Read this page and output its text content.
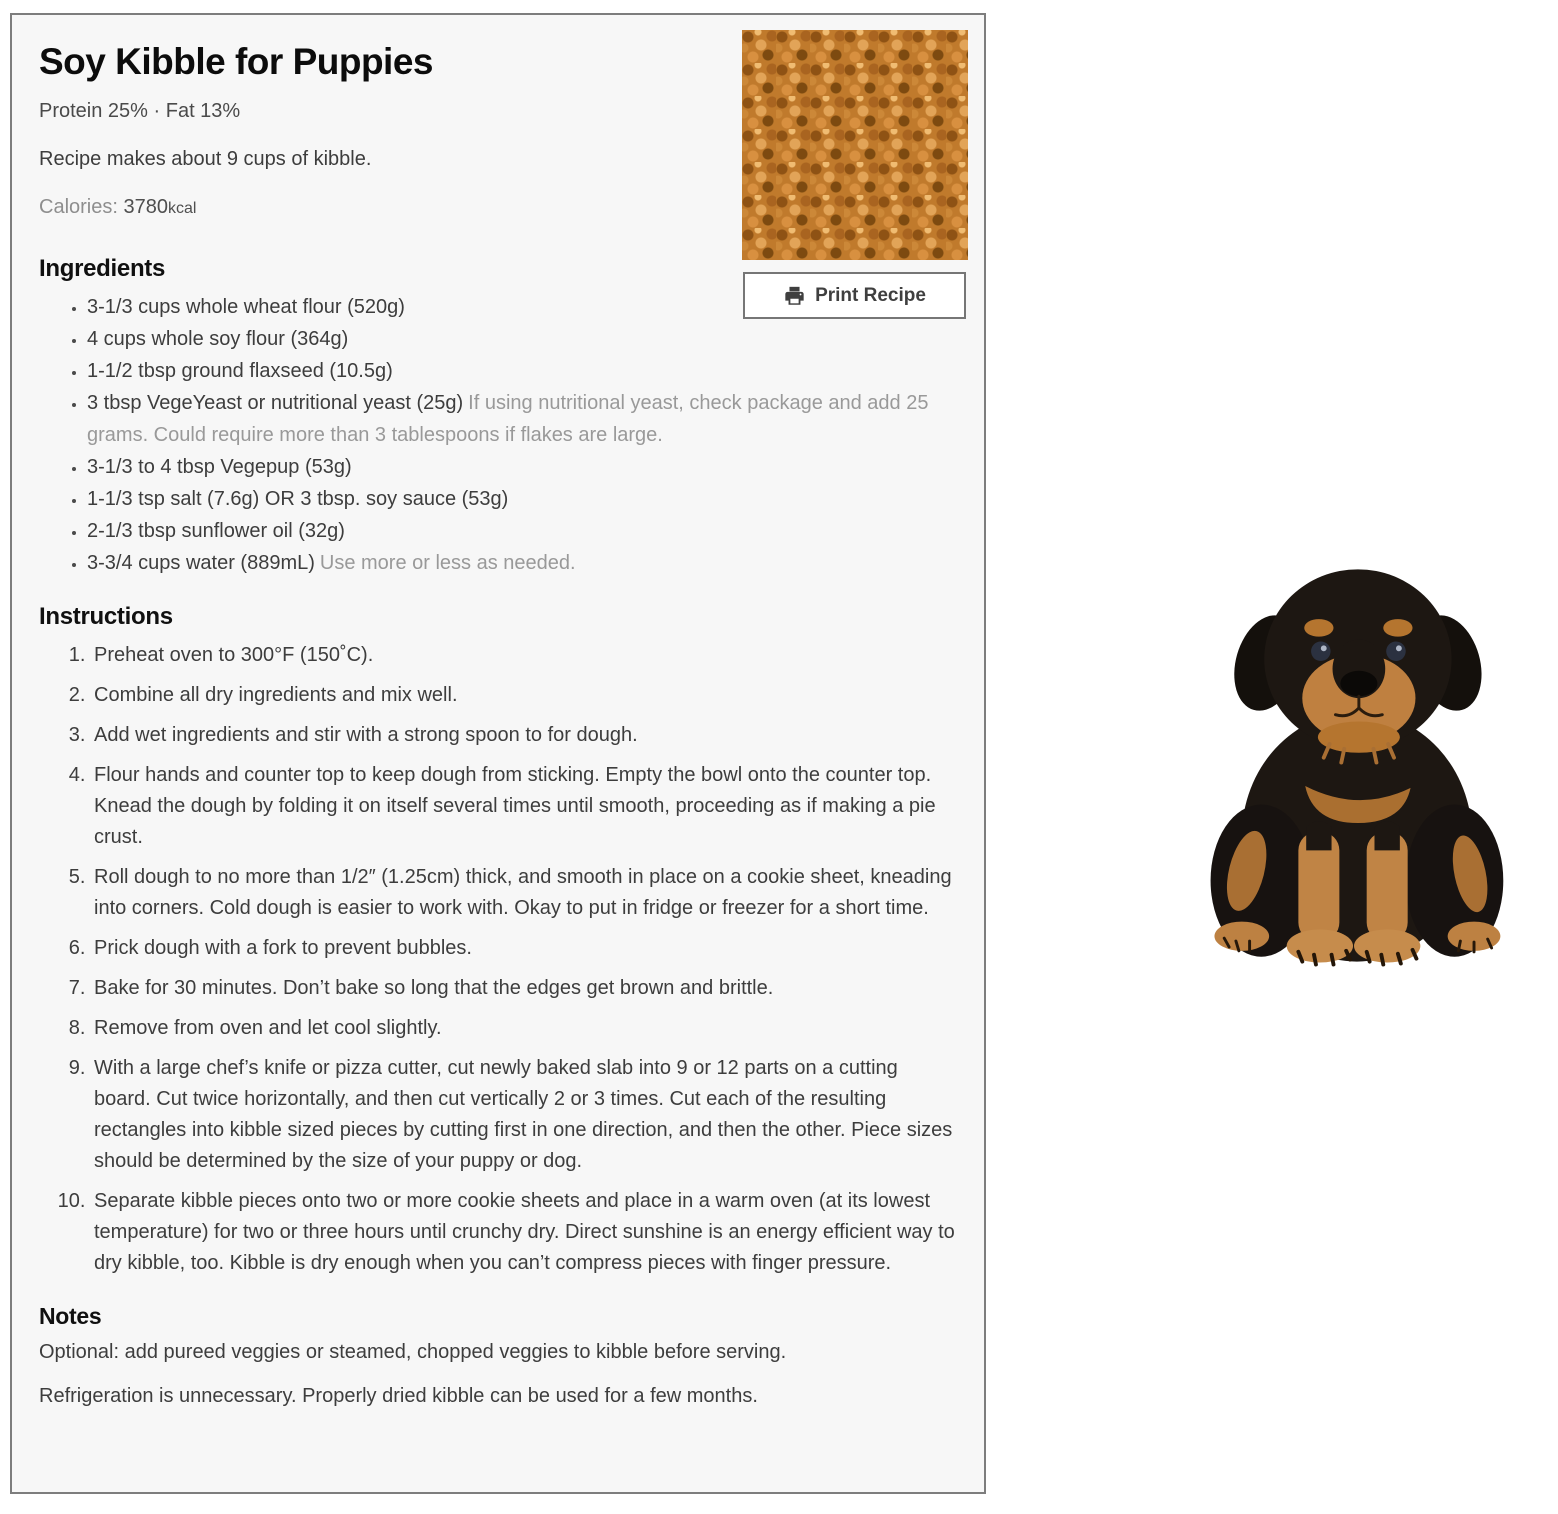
Soy Kibble for Puppies

Protein 25% · Fat 13%

Recipe makes about 9 cups of kibble.

Calories: 3780kcal

Ingredients
• 3-1/3 cups whole wheat flour (520g)
• 4 cups whole soy flour (364g)
• 1-1/2 tbsp ground flaxseed (10.5g)
• 3 tbsp VegeYeast or nutritional yeast (25g) If using nutritional yeast, check package and add 25 grams. Could require more than 3 tablespoons if flakes are large.
• 3-1/3 to 4 tbsp Vegepup (53g)
• 1-1/3 tsp salt (7.6g) OR 3 tbsp. soy sauce (53g)
• 2-1/3 tbsp sunflower oil (32g)
• 3-3/4 cups water (889mL) Use more or less as needed.
Instructions
1. Preheat oven to 300°F (150˚C).
2. Combine all dry ingredients and mix well.
3. Add wet ingredients and stir with a strong spoon to for dough.
4. Flour hands and counter top to keep dough from sticking. Empty the bowl onto the counter top. Knead the dough by folding it on itself several times until smooth, proceeding as if making a pie crust.
5. Roll dough to no more than 1/2″ (1.25cm) thick, and smooth in place on a cookie sheet, kneading into corners. Cold dough is easier to work with. Okay to put in fridge or freezer for a short time.
6. Prick dough with a fork to prevent bubbles.
7. Bake for 30 minutes. Don’t bake so long that the edges get brown and brittle.
8. Remove from oven and let cool slightly.
9. With a large chef’s knife or pizza cutter, cut newly baked slab into 9 or 12 parts on a cutting board. Cut twice horizontally, and then cut vertically 2 or 3 times. Cut each of the resulting rectangles into kibble sized pieces by cutting first in one direction, and then the other. Piece sizes should be determined by the size of your puppy or dog.
10. Separate kibble pieces onto two or more cookie sheets and place in a warm oven (at its lowest temperature) for two or three hours until crunchy dry. Direct sunshine is an energy efficient way to dry kibble, too. Kibble is dry enough when you can’t compress pieces with finger pressure.
Notes

Optional: add pureed veggies or steamed, chopped veggies to kibble before serving.

Refrigeration is unnecessary. Properly dried kibble can be used for a few months.

Print Recipe
